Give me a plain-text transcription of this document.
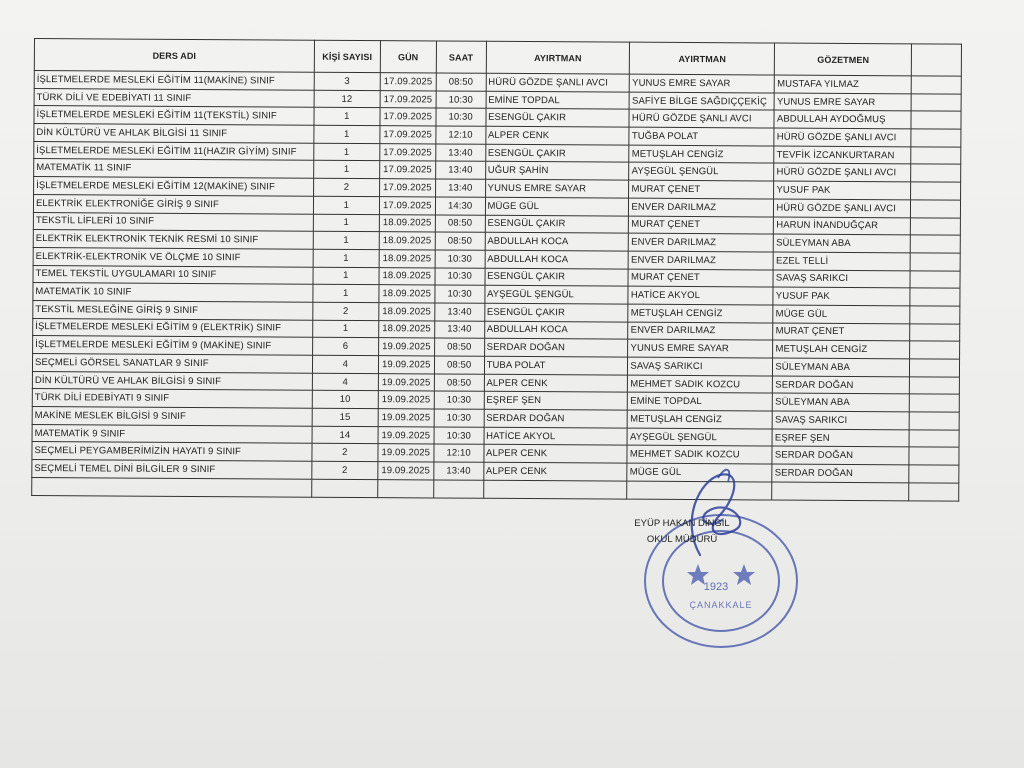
DERS ADI	KİŞİ SAYISI	GÜN	SAAT	AYIRTMAN	AYIRTMAN	GÖZETMEN	
İŞLETMELERDE MESLEKİ EĞİTİM 11(MAKİNE) SINIF	3	17.09.2025	08:50	HÜRÜ GÖZDE ŞANLI AVCI	YUNUS EMRE SAYAR	MUSTAFA YILMAZ	
TÜRK DİLİ VE EDEBİYATI 11 SINIF	12	17.09.2025	10:30	EMİNE TOPDAL	SAFİYE BİLGE SAĞDIÇÇEKİÇ	YUNUS EMRE SAYAR	
İŞLETMELERDE MESLEKİ EĞİTİM 11(TEKSTİL) SINIF	1	17.09.2025	10:30	ESENGÜL ÇAKIR	HÜRÜ GÖZDE ŞANLI AVCI	ABDULLAH AYDOĞMUŞ	
DİN KÜLTÜRÜ VE AHLAK BİLGİSİ 11 SINIF	1	17.09.2025	12:10	ALPER CENK	TUĞBA POLAT	HÜRÜ GÖZDE ŞANLI AVCI	
İŞLETMELERDE MESLEKİ EĞİTİM 11(HAZIR GİYİM) SINIF	1	17.09.2025	13:40	ESENGÜL ÇAKIR	METUŞLAH CENGİZ	TEVFİK İZCANKURTARAN	
MATEMATİK 11 SINIF	1	17.09.2025	13:40	UĞUR ŞAHİN	AYŞEGÜL ŞENGÜL	HÜRÜ GÖZDE ŞANLI AVCI	
İŞLETMELERDE MESLEKİ EĞİTİM 12(MAKİNE) SINIF	2	17.09.2025	13:40	YUNUS EMRE SAYAR	MURAT ÇENET	YUSUF PAK	
ELEKTRİK ELEKTRONİĞE GİRİŞ 9 SINIF	1	17.09.2025	14:30	MÜGE GÜL	ENVER DARILMAZ	HÜRÜ GÖZDE ŞANLI AVCI	
TEKSTİL LİFLERİ 10 SINIF	1	18.09.2025	08:50	ESENGÜL ÇAKIR	MURAT ÇENET	HARUN İNANDUĞÇAR	
ELEKTRİK ELEKTRONİK TEKNİK RESMİ 10 SINIF	1	18.09.2025	08:50	ABDULLAH KOCA	ENVER DARILMAZ	SÜLEYMAN ABA	
ELEKTRİK-ELEKTRONİK VE ÖLÇME 10 SINIF	1	18.09.2025	10:30	ABDULLAH KOCA	ENVER DARILMAZ	EZEL TELLİ	
TEMEL TEKSTİL UYGULAMARI 10 SINIF	1	18.09.2025	10:30	ESENGÜL ÇAKIR	MURAT ÇENET	SAVAŞ SARIKCI	
MATEMATİK 10 SINIF	1	18.09.2025	10:30	AYŞEGÜL ŞENGÜL	HATİCE AKYOL	YUSUF PAK	
TEKSTİL MESLEĞİNE GİRİŞ 9 SINIF	2	18.09.2025	13:40	ESENGÜL ÇAKIR	METUŞLAH CENGİZ	MÜGE GÜL	
İŞLETMELERDE MESLEKİ EĞİTİM 9 (ELEKTRİK) SINIF	1	18.09.2025	13:40	ABDULLAH KOCA	ENVER DARILMAZ	MURAT ÇENET	
İŞLETMELERDE MESLEKİ EĞİTİM 9 (MAKİNE) SINIF	6	19.09.2025	08:50	SERDAR DOĞAN	YUNUS EMRE SAYAR	METUŞLAH CENGİZ	
SEÇMELİ GÖRSEL SANATLAR 9 SINIF	4	19.09.2025	08:50	TUBA POLAT	SAVAŞ SARIKCI	SÜLEYMAN ABA	
DİN KÜLTÜRÜ VE AHLAK BİLGİSİ 9 SINIF	4	19.09.2025	08:50	ALPER CENK	MEHMET SADIK KOZCU	SERDAR DOĞAN	
TÜRK DİLİ EDEBİYATI 9 SINIF	10	19.09.2025	10:30	EŞREF ŞEN	EMİNE TOPDAL	SÜLEYMAN ABA	
MAKİNE MESLEK BİLGİSİ 9 SINIF	15	19.09.2025	10:30	SERDAR DOĞAN	METUŞLAH CENGİZ	SAVAŞ SARIKCI	
MATEMATİK 9 SINIF	14	19.09.2025	10:30	HATİCE AKYOL	AYŞEGÜL ŞENGÜL	EŞREF ŞEN	
SEÇMELİ PEYGAMBERİMİZİN HAYATI 9 SINIF	2	19.09.2025	12:10	ALPER CENK	MEHMET SADIK KOZCU	SERDAR DOĞAN	
SEÇMELİ TEMEL DİNİ BİLGİLER 9 SINIF	2	19.09.2025	13:40	ALPER CENK	MÜGE GÜL	SERDAR DOĞAN	

1923
ÇANAKKALE
EYÜP HAKAN DİNGİL
OKUL MÜDÜRÜ
